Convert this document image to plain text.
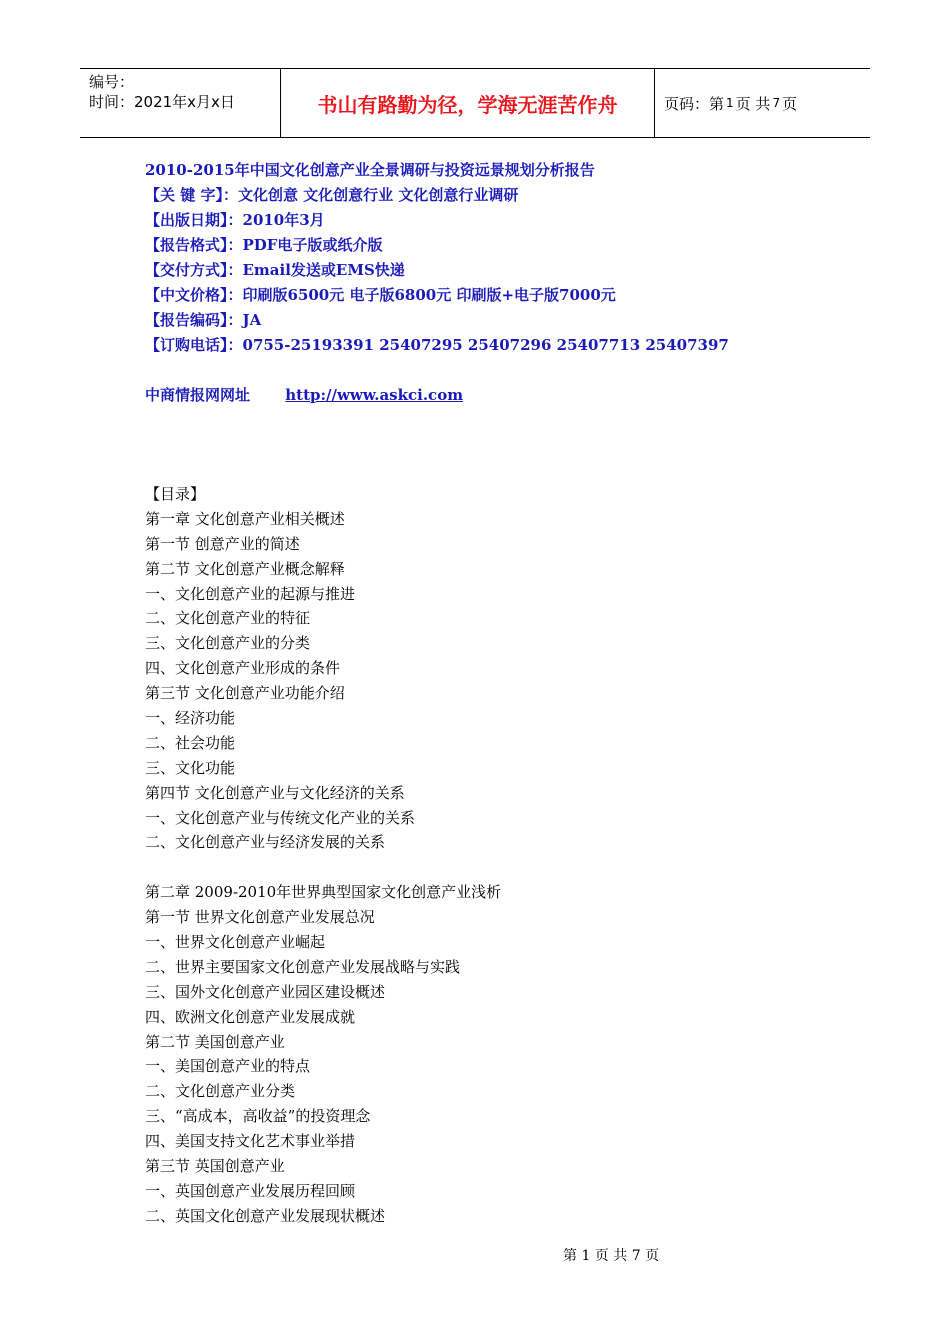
编号：
时间：2021年x月x日	书山有路勤为径，学海无涯苦作舟	页码：第 1 页 共 7 页
2010-2015年中国文化创意产业全景调研与投资远景规划分析报告
【关 键 字】：文化创意 文化创意行业 文化创意行业调研
【出版日期】：2010年3月
【报告格式】：PDF电子版或纸介版
【交付方式】：Email发送或EMS快递
【中文价格】：印刷版6500元 电子版6800元 印刷版+电子版7000元
【报告编码】：JA
【订购电话】：0755-25193391 25407295 25407296 25407713 25407397
中商情报网网址 http://www.askci.com
【目录】
第一章 文化创意产业相关概述
第一节 创意产业的简述
第二节 文化创意产业概念解释
一、文化创意产业的起源与推进
二、文化创意产业的特征
三、文化创意产业的分类
四、文化创意产业形成的条件
第三节 文化创意产业功能介绍
一、经济功能
二、社会功能
三、文化功能
第四节 文化创意产业与文化经济的关系
一、文化创意产业与传统文化产业的关系
二、文化创意产业与经济发展的关系
第二章 2009-2010年世界典型国家文化创意产业浅析
第一节 世界文化创意产业发展总况
一、世界文化创意产业崛起
二、世界主要国家文化创意产业发展战略与实践
三、国外文化创意产业园区建设概述
四、欧洲文化创意产业发展成就
第二节 美国创意产业
一、美国创意产业的特点
二、文化创意产业分类
三、“高成本，高收益”的投资理念
四、美国支持文化艺术事业举措
第三节 英国创意产业
一、英国创意产业发展历程回顾
二、英国文化创意产业发展现状概述
第 1 页 共 7 页
